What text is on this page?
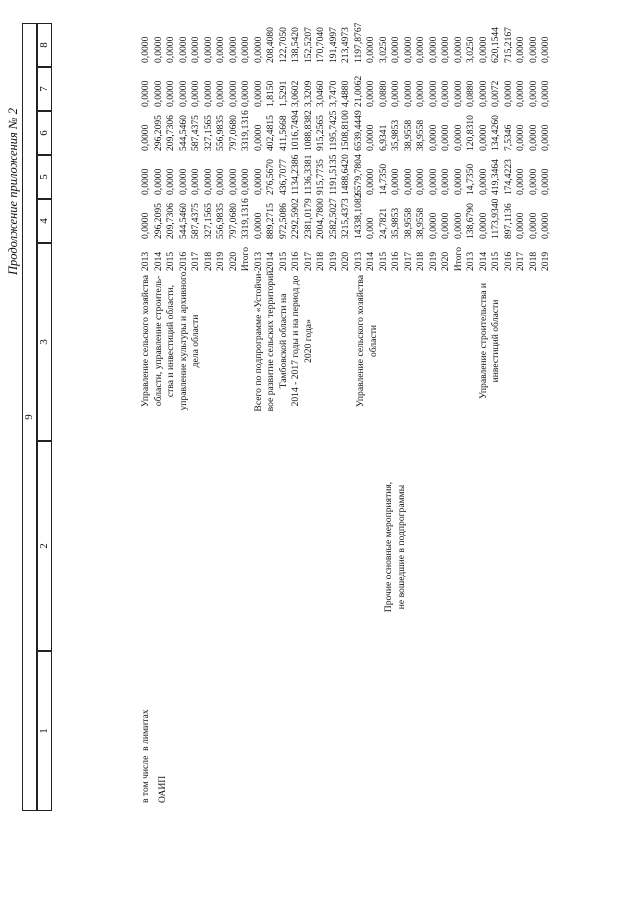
Продолжение приложения № 2
9
1
2
3
4
5
6
7
8
в том числе  в лимитах ОАИП
Прочие основные мероприятия, не вошедшие в подпрограммы
Управление сельского хозяйства области, управление строитель- ства и инвестиций области, управление культуры и архивного дела области
Итого
Всего по подпрограмме «Устойчи- вое развитие сельских территорий Тамбовской области на 2014 - 2017 годы и на период до 2020 года»	Управление сельского хозяйства области
Итого
Управление строительства и инвестиций области
2013 2014 2015 2016 2017 2018 2019 2020 2013 2014 2015 2016 2017 2018 2019 2020 2013 2014 2015 2016 2017 2018 2019 2020 2013 2014 2015 2016 2017 2018 2019
0,0000 296,2095 209,7306 544,5460 587,4375 327,1565 556,9835 797,0680 3319,1316 0,0000 889,2715 972,5086 2292,5902 2381,0179 2004,7800 2582,5027 3215,4373 14338,1082 0,000 24,7821 35,9853 38,9558 38,9558 0,0000 0,0000 0,0000 138,6790 0,0000 1173,9340 897,1136 0,0000 0,0000 0,0000
0,0000 0,0000 0,0000 0,0000 0,0000 0,0000 0,0000 0,0000 0,0000 0,0000 276,5670 436,7077 1134,2386 1136,3381 915,7735 1191,5135 1488,6420 6579,7804 0,0000 14,7350 0,0000 0,0000 0,0000 0,0000 0,0000 0,0000 14,7350 0,0000 419,3464 174,4223 0,0000 0,0000 0,0000
0,0000 296,2095 209,7306 544,5460 587,4375 327,1565 556,9835 797,0680 3319,1316 0,0000 402,4815 411,5668 1016,7494 1088,8382 915,2565 1195,7425 1508,8100 6539,4449 0,0000 6,9341 35,9853 38,9558 38,9558 0,0000 0,0000 0,0000 120,8310 0,0000 134,4260 7,5346 0,0000 0,0000 0,0000
0,0000 0,0000 0,0000 0,0000 0,0000 0,0000 0,0000 0,0000 0,0000 0,0000 1,8150 1,5291 3,0602 3,3209 3,0460 3,7470 4,4880 21,0062 0,0000 0,0880 0,0000 0,0000 0,0000 0,0000 0,0000 0,0000 0,0880 0,0000 0,0072 0,0000 0,0000 0,0000 0,0000
0,0000 0,0000 0,0000 0,0000 0,0000 0,0000 0,0000 0,0000 0,0000 0,0000 208,4080 122,7050 138,5420 152,5207 170,7040 191,4997 213,4973 1197,8767 0,0000 3,0250 0,0000 0,0000 0,0000 0,0000 0,0000 0,0000 3,0250 0,0000 620,1544 715,2167 0,0000 0,0000 0,0000
